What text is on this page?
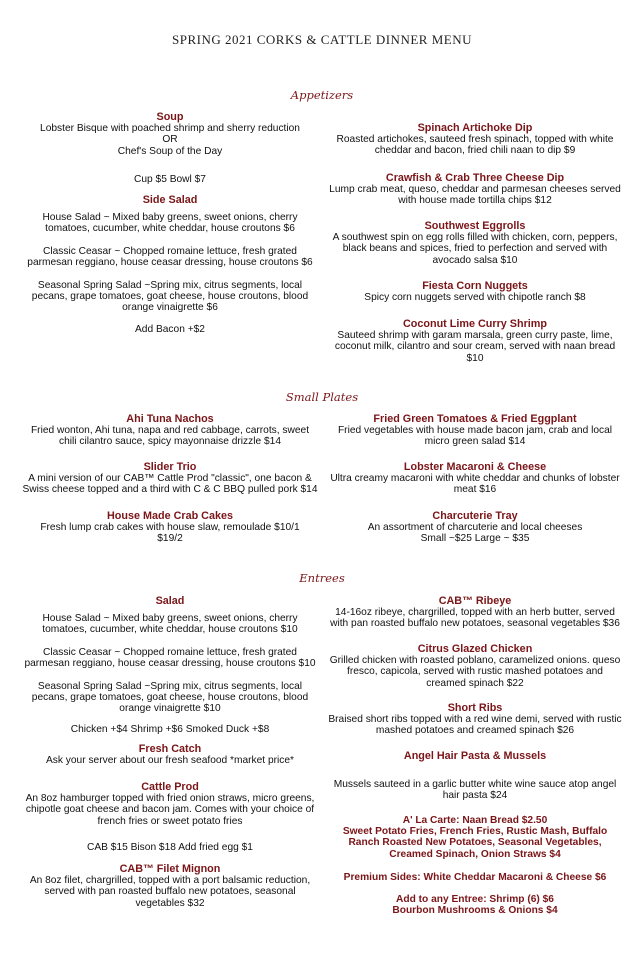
SPRING 2021 CORKS & CATTLE DINNER MENU
Appetizers
Small Plates
Entrees
Soup
Lobster Bisque with poached shrimp and sherry reduction
OR
Chef's Soup of the Day
Cup $5 Bowl $7
Side Salad
House Salad ~ Mixed baby greens, sweet onions, cherry
tomatoes, cucumber, white cheddar, house croutons $6
Classic Ceasar ~ Chopped romaine lettuce, fresh grated
parmesan reggiano, house ceasar dressing, house croutons $6
Seasonal Spring Salad ~Spring mix, citrus segments, local
pecans, grape tomatoes, goat cheese, house croutons, blood
orange vinaigrette $6
Add Bacon +$2
Spinach Artichoke Dip
Roasted artichokes, sauteed fresh spinach, topped with white
cheddar and bacon, fried chili naan to dip $9
Crawfish & Crab Three Cheese Dip
Lump crab meat, queso, cheddar and parmesan cheeses served
with house made tortilla chips $12
Southwest Eggrolls
A southwest spin on egg rolls filled with chicken, corn, peppers,
black beans and spices, fried to perfection and served with
avocado salsa $10
Fiesta Corn Nuggets
Spicy corn nuggets served with chipotle ranch $8
Coconut Lime Curry Shrimp
Sauteed shrimp with garam marsala, green curry paste, lime,
coconut milk, cilantro and sour cream, served with naan bread
$10
Ahi Tuna Nachos
Fried wonton, Ahi tuna, napa and red cabbage, carrots, sweet
chili cilantro sauce, spicy mayonnaise drizzle $14
Slider Trio
A mini version of our CAB™ Cattle Prod "classic", one bacon &
Swiss cheese topped and a third with C & C BBQ pulled pork $14
House Made Crab Cakes
Fresh lump crab cakes with house slaw, remoulade $10/1
$19/2
Fried Green Tomatoes & Fried Eggplant
Fried vegetables with house made bacon jam, crab and local
micro green salad $14
Lobster Macaroni & Cheese
Ultra creamy macaroni with white cheddar and chunks of lobster
meat $16
Charcuterie Tray
An assortment of charcuterie and local cheeses
Small ~$25 Large ~ $35
Salad
House Salad ~ Mixed baby greens, sweet onions, cherry
tomatoes, cucumber, white cheddar, house croutons $10
Classic Ceasar ~ Chopped romaine lettuce, fresh grated
parmesan reggiano, house ceasar dressing, house croutons $10
Seasonal Spring Salad ~Spring mix, citrus segments, local
pecans, grape tomatoes, goat cheese, house croutons, blood
orange vinaigrette $10
Chicken +$4 Shrimp +$6 Smoked Duck +$8
Fresh Catch
Ask your server about our fresh seafood *market price*
Cattle Prod
An 8oz hamburger topped with fried onion straws, micro greens,
chipotle goat cheese and bacon jam. Comes with your choice of
french fries or sweet potato fries
CAB $15 Bison $18 Add fried egg $1
CAB™ Filet Mignon
An 8oz filet, chargrilled, topped with a port balsamic reduction,
served with pan roasted buffalo new potatoes, seasonal
vegetables $32
CAB™ Ribeye
14-16oz ribeye, chargrilled, topped with an herb butter, served
with pan roasted buffalo new potatoes, seasonal vegetables $36
Citrus Glazed Chicken
Grilled chicken with roasted poblano, caramelized onions. queso
fresco, capicola, served with rustic mashed potatoes and
creamed spinach $22
Short Ribs
Braised short ribs topped with a red wine demi, served with rustic
mashed potatoes and creamed spinach $26
Angel Hair Pasta & Mussels
Mussels sauteed in a garlic butter white wine sauce atop angel
hair pasta $24
A' La Carte: Naan Bread $2.50
Sweet Potato Fries, French Fries, Rustic Mash, Buffalo
Ranch Roasted New Potatoes, Seasonal Vegetables,
Creamed Spinach, Onion Straws $4
Premium Sides: White Cheddar Macaroni & Cheese $6
Add to any Entree: Shrimp (6) $6
Bourbon Mushrooms & Onions $4
